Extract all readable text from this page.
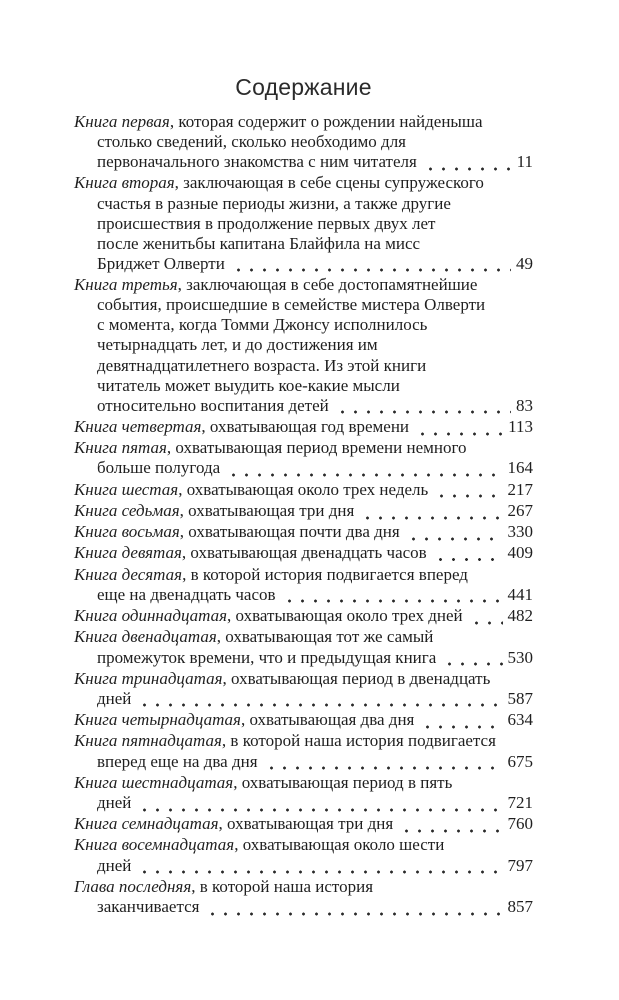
Содержание
Книга первая, которая содержит о рождении найденыша
столько сведений, сколько необходимо для
первоначального знакомства с ним читателя	11
Книга вторая, заключающая в себе сцены супружеского
счастья в разные периоды жизни, а также другие
происшествия в продолжение первых двух лет
после женитьбы капитана Блайфила на мисс
Бриджет Олверти	49
Книга третья, заключающая в себе достопамятнейшие
события, происшедшие в семействе мистера Олверти
с момента, когда Томми Джонсу исполнилось
четырнадцать лет, и до достижения им
девятнадцатилетнего возраста. Из этой книги
читатель может выудить кое-какие мысли
относительно воспитания детей	83
Книга четвертая, охватывающая год времени	113
Книга пятая, охватывающая период времени немного
больше полугода	164
Книга шестая, охватывающая около трех недель	217
Книга седьмая, охватывающая три дня	267
Книга восьмая, охватывающая почти два дня	330
Книга девятая, охватывающая двенадцать часов	409
Книга десятая, в которой история подвигается вперед
еще на двенадцать часов	441
Книга одиннадцатая, охватывающая около трех дней	482
Книга двенадцатая, охватывающая тот же самый
промежуток времени, что и предыдущая книга	530
Книга тринадцатая, охватывающая период в двенадцать
дней	587
Книга четырнадцатая, охватывающая два дня	634
Книга пятнадцатая, в которой наша история подвигается
вперед еще на два дня	675
Книга шестнадцатая, охватывающая период в пять
дней	721
Книга семнадцатая, охватывающая три дня	760
Книга восемнадцатая, охватывающая около шести
дней	797
Глава последняя, в которой наша история
заканчивается	857
